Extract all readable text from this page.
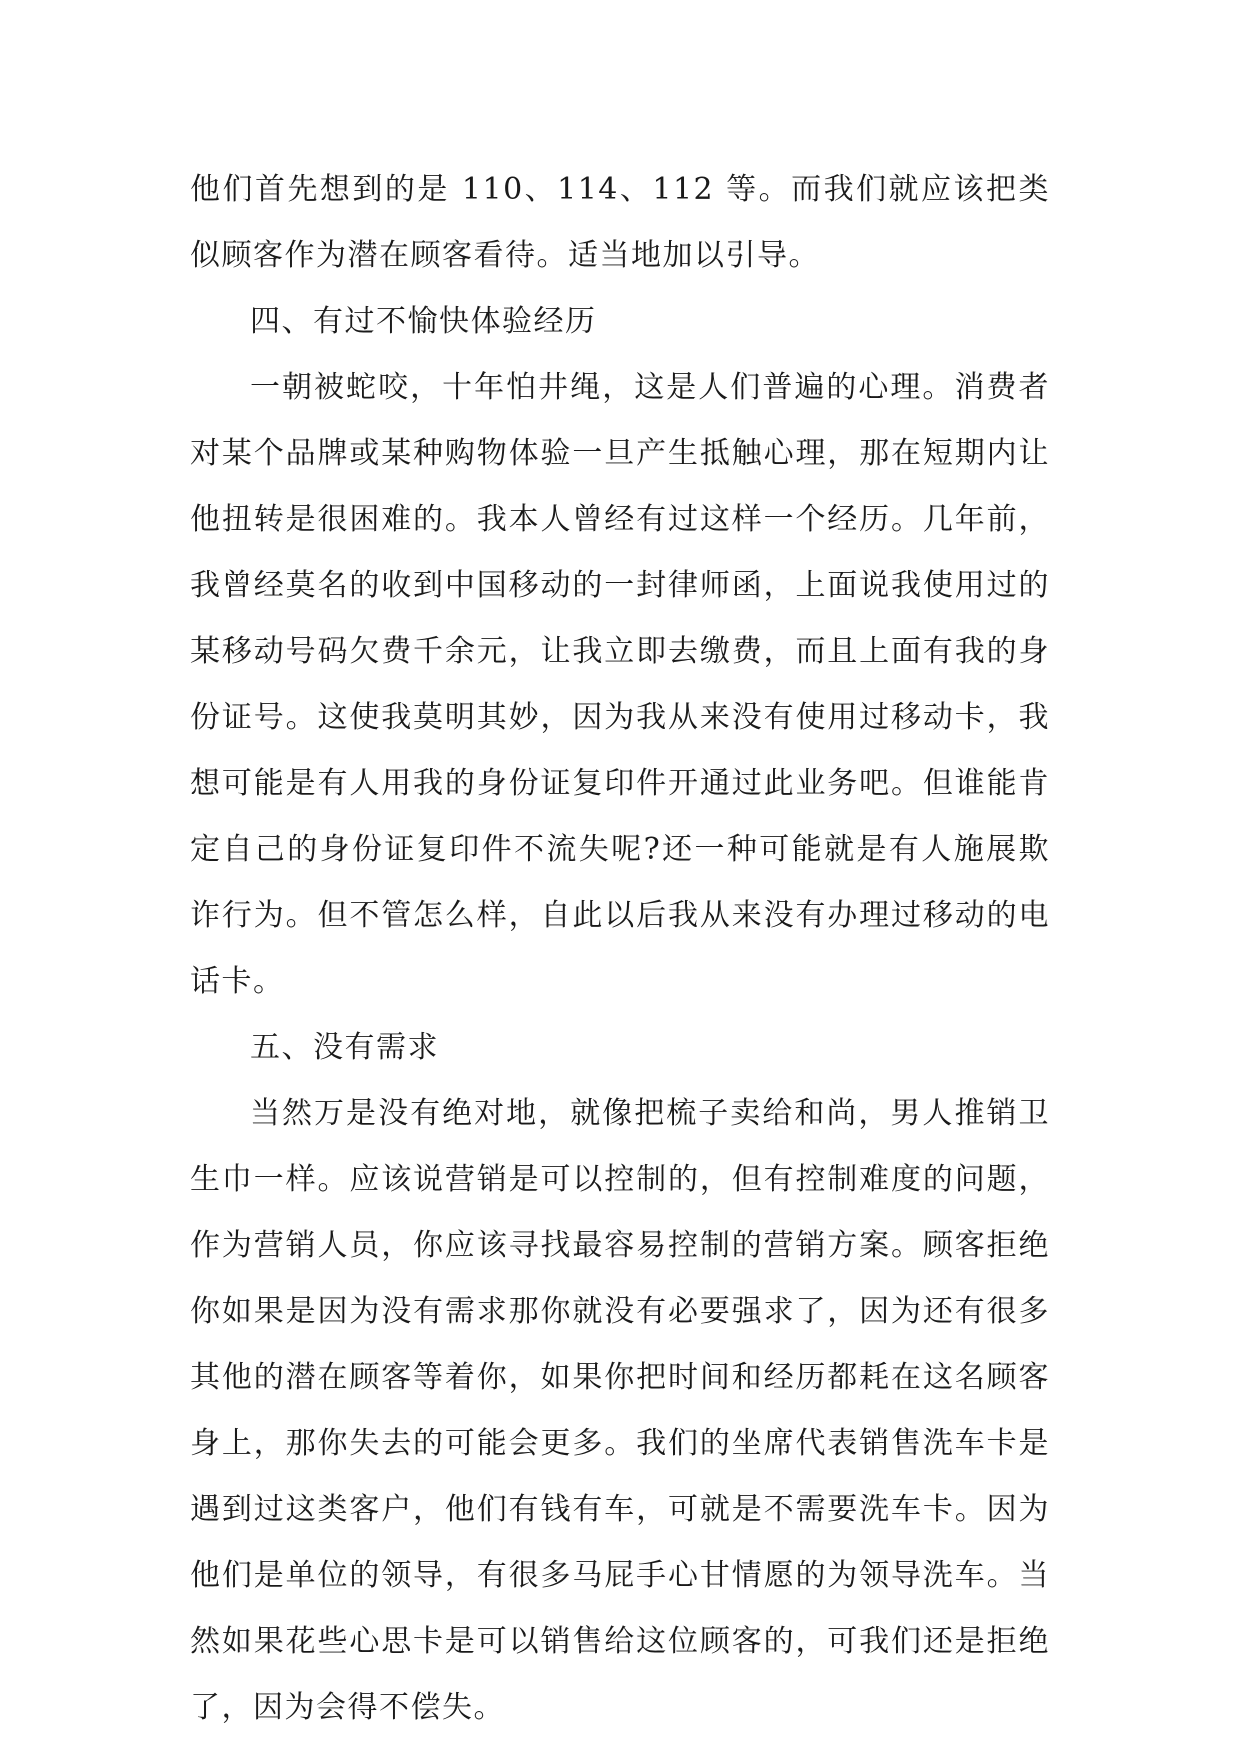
他们首先想到的是 110、114、112 等。而我们就应该把类似顾客作为潜在顾客看待。适当地加以引导。

四、有过不愉快体验经历

一朝被蛇咬，十年怕井绳，这是人们普遍的心理。消费者对某个品牌或某种购物体验一旦产生抵触心理，那在短期内让他扭转是很困难的。我本人曾经有过这样一个经历。几年前，我曾经莫名的收到中国移动的一封律师函，上面说我使用过的某移动号码欠费千余元，让我立即去缴费，而且上面有我的身份证号。这使我莫明其妙，因为我从来没有使用过移动卡，我想可能是有人用我的身份证复印件开通过此业务吧。但谁能肯定自己的身份证复印件不流失呢?还一种可能就是有人施展欺诈行为。但不管怎么样，自此以后我从来没有办理过移动的电话卡。

五、没有需求

当然万是没有绝对地，就像把梳子卖给和尚，男人推销卫生巾一样。应该说营销是可以控制的，但有控制难度的问题，作为营销人员，你应该寻找最容易控制的营销方案。顾客拒绝你如果是因为没有需求那你就没有必要强求了，因为还有很多其他的潜在顾客等着你，如果你把时间和经历都耗在这名顾客身上，那你失去的可能会更多。我们的坐席代表销售洗车卡是遇到过这类客户，他们有钱有车，可就是不需要洗车卡。因为他们是单位的领导，有很多马屁手心甘情愿的为领导洗车。当然如果花些心思卡是可以销售给这位顾客的，可我们还是拒绝了，因为会得不偿失。
